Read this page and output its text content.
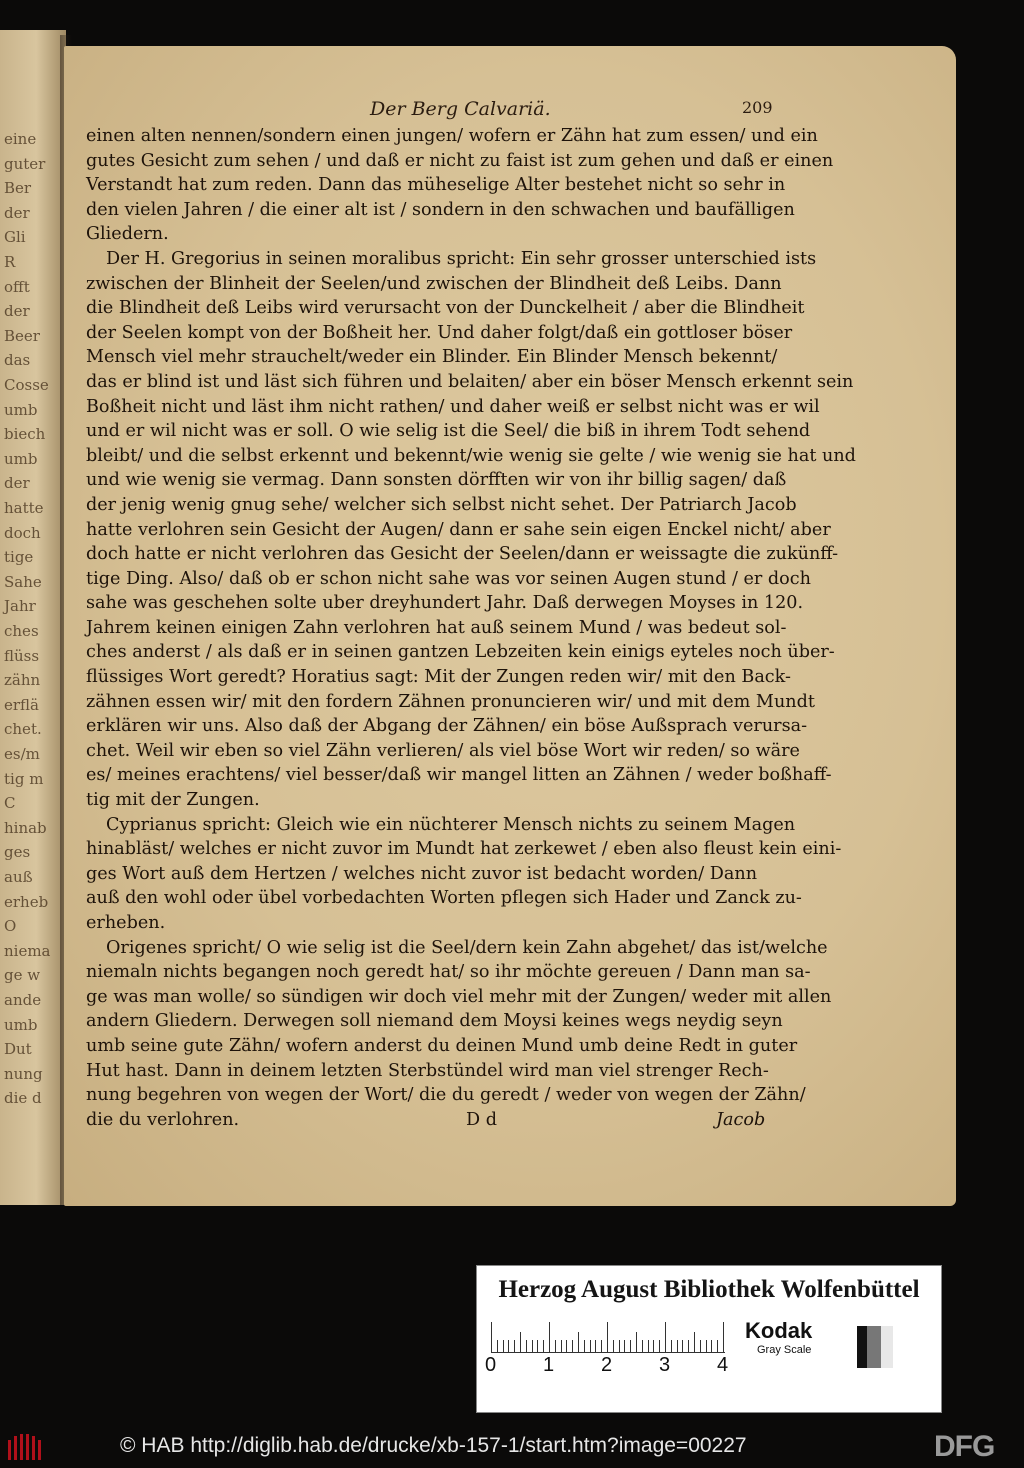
eine
guter
Ber
der
Gli
R
offt
der
Beer
das
Cosse
umb
biech
umb
der
hatte
doch
tige
Sahe
Jahr
ches
flüss
zähn
erflä
chet.
es/m
tig m
C
hinab
ges
auß
erheb
O
niema
ge w
ande
umb
Dut
nung
die d
Der Berg Calvariä.	209
einen alten nennen/sondern einen jungen/ wofern er Zähn hat zum essen/ und ein
gutes Gesicht zum sehen / und daß er nicht zu faist ist zum gehen und daß er einen
Verstandt hat zum reden. Dann das müheselige Alter bestehet nicht so sehr in
den vielen Jahren / die einer alt ist / sondern in den schwachen und baufälligen
Gliedern.
Der H. Gregorius in seinen moralibus spricht: Ein sehr grosser unterschied ists
zwischen der Blinheit der Seelen/und zwischen der Blindheit deß Leibs. Dann
die Blindheit deß Leibs wird verursacht von der Dunckelheit / aber die Blindheit
der Seelen kompt von der Boßheit her. Und daher folgt/daß ein gottloser böser
Mensch viel mehr strauchelt/weder ein Blinder. Ein Blinder Mensch bekennt/
das er blind ist und läst sich führen und belaiten/ aber ein böser Mensch erkennt sein
Boßheit nicht und läst ihm nicht rathen/ und daher weiß er selbst nicht was er wil
und er wil nicht was er soll. O wie selig ist die Seel/ die biß in ihrem Todt sehend
bleibt/ und die selbst erkennt und bekennt/wie wenig sie gelte / wie wenig sie hat und
und wie wenig sie vermag. Dann sonsten dörfften wir von ihr billig sagen/ daß
der jenig wenig gnug sehe/ welcher sich selbst nicht sehet. Der Patriarch Jacob
hatte verlohren sein Gesicht der Augen/ dann er sahe sein eigen Enckel nicht/ aber
doch hatte er nicht verlohren das Gesicht der Seelen/dann er weissagte die zukünff-
tige Ding. Also/ daß ob er schon nicht sahe was vor seinen Augen stund / er doch
sahe was geschehen solte uber dreyhundert Jahr. Daß derwegen Moyses in 120.
Jahrem keinen einigen Zahn verlohren hat auß seinem Mund / was bedeut sol-
ches anderst / als daß er in seinen gantzen Lebzeiten kein einigs eyteles noch über-
flüssiges Wort geredt? Horatius sagt: Mit der Zungen reden wir/ mit den Back-
zähnen essen wir/ mit den fordern Zähnen pronuncieren wir/ und mit dem Mundt
erklären wir uns. Also daß der Abgang der Zähnen/ ein böse Außsprach verursa-
chet. Weil wir eben so viel Zähn verlieren/ als viel böse Wort wir reden/ so wäre
es/ meines erachtens/ viel besser/daß wir mangel litten an Zähnen / weder boßhaff-
tig mit der Zungen.
Cyprianus spricht: Gleich wie ein nüchterer Mensch nichts zu seinem Magen
hinabläst/ welches er nicht zuvor im Mundt hat zerkewet / eben also fleust kein eini-
ges Wort auß dem Hertzen / welches nicht zuvor ist bedacht worden/ Dann
auß den wohl oder übel vorbedachten Worten pflegen sich Hader und Zanck zu-
erheben.
Origenes spricht/ O wie selig ist die Seel/dern kein Zahn abgehet/ das ist/welche
niemaln nichts begangen noch geredt hat/ so ihr möchte gereuen / Dann man sa-
ge was man wolle/ so sündigen wir doch viel mehr mit der Zungen/ weder mit allen
andern Gliedern. Derwegen soll niemand dem Moysi keines wegs neydig seyn
umb seine gute Zähn/ wofern anderst du deinen Mund umb deine Redt in guter
Hut hast. Dann in deinem letzten Sterbstündel wird man viel strenger Rech-
nung begehren von wegen der Wort/ die du geredt / weder von wegen der Zähn/
die du verlohren.	D d	Jacob
Herzog August Bibliothek Wolfenbüttel
0 1 2 3 4
Kodak
Gray Scale
© HAB http://diglib.hab.de/drucke/xb-157-1/start.htm?image=00227	DFG
